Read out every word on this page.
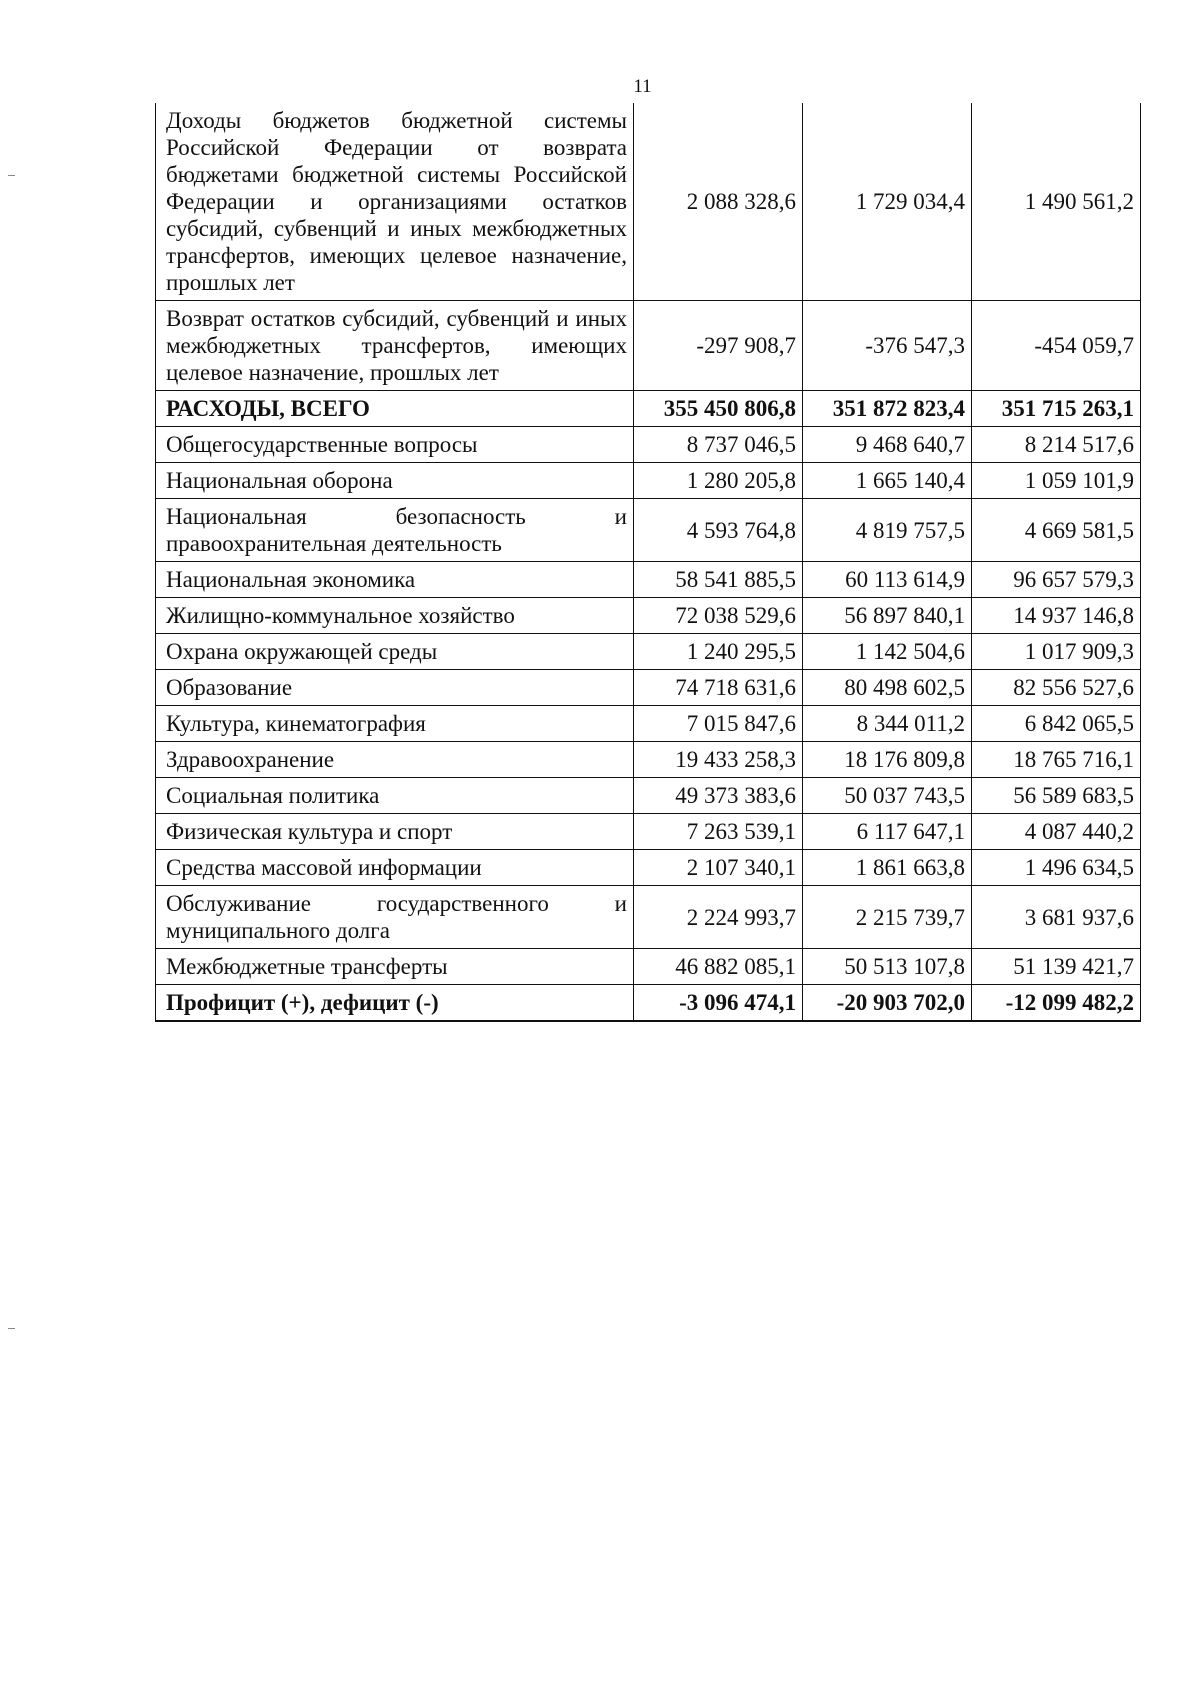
11
Доходы бюджетов бюджетной системы Российской Федерации от возврата бюджетами бюджетной системы Российской Федерации и организациями остатков субсидий, субвенций и иных межбюджетных трансфертов, имеющих целевое назначение, прошлых лет	2 088 328,6	1 729 034,4	1 490 561,2
Возврат остатков субсидий, субвенций и иных межбюджетных трансфертов, имеющих целевое назначение, прошлых лет	-297 908,7	-376 547,3	-454 059,7
РАСХОДЫ, ВСЕГО	355 450 806,8	351 872 823,4	351 715 263,1
Общегосударственные вопросы	8 737 046,5	9 468 640,7	8 214 517,6
Национальная оборона	1 280 205,8	1 665 140,4	1 059 101,9
Национальная безопасность и правоохранительная деятельность	4 593 764,8	4 819 757,5	4 669 581,5
Национальная экономика	58 541 885,5	60 113 614,9	96 657 579,3
Жилищно-коммунальное хозяйство	72 038 529,6	56 897 840,1	14 937 146,8
Охрана окружающей среды	1 240 295,5	1 142 504,6	1 017 909,3
Образование	74 718 631,6	80 498 602,5	82 556 527,6
Культура, кинематография	7 015 847,6	8 344 011,2	6 842 065,5
Здравоохранение	19 433 258,3	18 176 809,8	18 765 716,1
Социальная политика	49 373 383,6	50 037 743,5	56 589 683,5
Физическая культура и спорт	7 263 539,1	6 117 647,1	4 087 440,2
Средства массовой информации	2 107 340,1	1 861 663,8	1 496 634,5
Обслуживание государственного и муниципального долга	2 224 993,7	2 215 739,7	3 681 937,6
Межбюджетные трансферты	46 882 085,1	50 513 107,8	51 139 421,7
Профицит (+), дефицит (-)	-3 096 474,1	-20 903 702,0	-12 099 482,2
